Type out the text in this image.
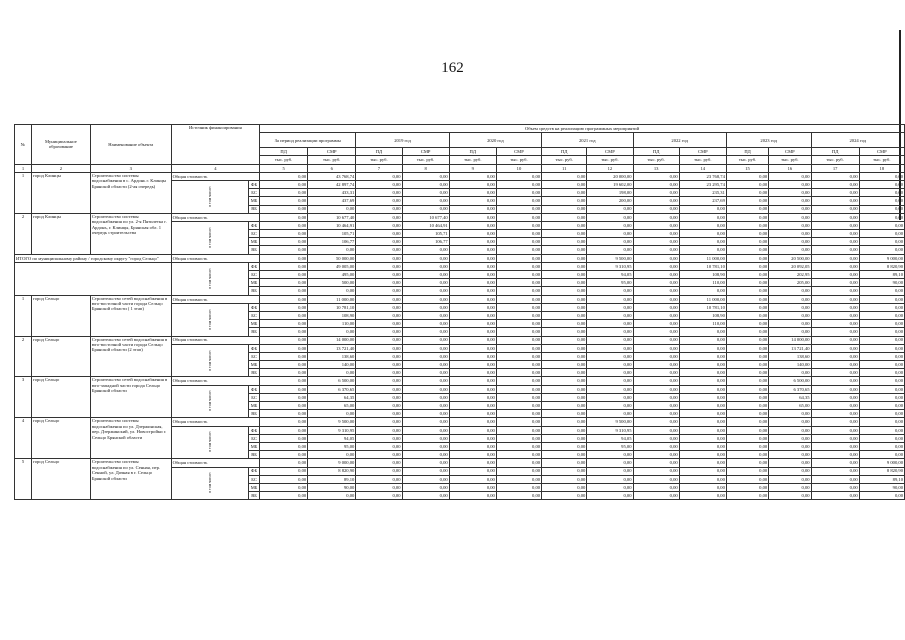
162
№	Муниципальное образование	Наименование объекта	Источник финансирования		Объем средств на реализацию программных мероприятий													
					За период реализации программы		2019 год		2020 год		2021 год		2022 год		2023 год		2024 год	
					ПД	СМР	ПД	СМР	ПД	СМР	ПД	СМР	ПД	СМР	ПД	СМР	ПД	СМР
					тыс. руб.	тыс. руб.	тыс. руб.	тыс. руб.	тыс. руб.	тыс. руб.	тыс. руб.	тыс. руб.	тыс. руб.	тыс. руб.	тыс. руб.	тыс. руб.	тыс. руб.	тыс. руб.
1	2	3	4		5	6	7	8	9	10	11	12	13	14	15	16	17	18
1	город Клинцы	Строительство системы водоснабжения в с. Ардонь г. Клинцы Брянской области (2-ая очередь)	Общая стоимость		0,00	43 768,74	0,00	0,00	0,00	0,00	0,00	20 000,00	0,00	23 768,74	0,00	0,00	0,00	0,00
			в том числе:	ФБ	0,00	42 897,74	0,00	0,00	0,00	0,00	0,00	19 602,00	0,00	23 295,74	0,00	0,00	0,00	0,00
				БС	0,00	433,31	0,00	0,00	0,00	0,00	0,00	198,00	0,00	235,31	0,00	0,00	0,00	0,00
				МБ	0,00	437,69	0,00	0,00	0,00	0,00	0,00	200,00	0,00	237,69	0,00	0,00	0,00	0,00
				ВБ	0,00	0,00	0,00	0,00	0,00	0,00	0,00	0,00	0,00	0,00	0,00	0,00	0,00	0,00
2	город Клинцы	Строительство системы водоснабжения по ул. 2-я Пятилетка г. Ардонь, г. Клинцы, Брянская обл. 1 очередь строительства	Общая стоимость		0,00	10 677,40	0,00	10 677,40	0,00	0,00	0,00	0,00	0,00	0,00	0,00	0,00	0,00	0,00
			в том числе:	ФБ	0,00	10 464,91	0,00	10 464,91	0,00	0,00	0,00	0,00	0,00	0,00	0,00	0,00	0,00	0,00
				БС	0,00	105,71	0,00	105,71	0,00	0,00	0,00	0,00	0,00	0,00	0,00	0,00	0,00	0,00
				МБ	0,00	106,77	0,00	106,77	0,00	0,00	0,00	0,00	0,00	0,00	0,00	0,00	0,00	0,00
				ВБ	0,00	0,00	0,00	0,00	0,00	0,00	0,00	0,00	0,00	0,00	0,00	0,00	0,00	0,00
ИТОГО по муниципальному району / городскому округу "город Сельцо"			Общая стоимость		0,00	50 000,00	0,00	0,00	0,00	0,00	0,00	9 500,00	0,00	11 000,00	0,00	20 500,00	0,00	9 000,00
			в том числе:	ФБ	0,00	49 005,00	0,00	0,00	0,00	0,00	0,00	9 310,95	0,00	10 781,10	0,00	20 092,05	0,00	8 820,90
				БС	0,00	495,00	0,00	0,00	0,00	0,00	0,00	94,05	0,00	108,90	0,00	202,95	0,00	89,10
				МБ	0,00	500,00	0,00	0,00	0,00	0,00	0,00	95,00	0,00	110,00	0,00	205,00	0,00	90,00
				ВБ	0,00	0,00	0,00	0,00	0,00	0,00	0,00	0,00	0,00	0,00	0,00	0,00	0,00	0,00
1	город Сельцо	Строительство сетей водоснабжения в юго-восточной части города Сельцо Брянской области ( 1 этап)	Общая стоимость		0,00	11 000,00	0,00	0,00	0,00	0,00	0,00	0,00	0,00	11 000,00	0,00	0,00	0,00	0,00
			в том числе:	ФБ	0,00	10 781,10	0,00	0,00	0,00	0,00	0,00	0,00	0,00	10 781,10	0,00	0,00	0,00	0,00
				БС	0,00	108,90	0,00	0,00	0,00	0,00	0,00	0,00	0,00	108,90	0,00	0,00	0,00	0,00
				МБ	0,00	110,00	0,00	0,00	0,00	0,00	0,00	0,00	0,00	110,00	0,00	0,00	0,00	0,00
				ВБ	0,00	0,00	0,00	0,00	0,00	0,00	0,00	0,00	0,00	0,00	0,00	0,00	0,00	0,00
2	город Сельцо	Строительство сетей водоснабжения в юго-восточной части города Сельцо Брянской области (2 этап)	Общая стоимость		0,00	14 000,00	0,00	0,00	0,00	0,00	0,00	0,00	0,00	0,00	0,00	14 000,00	0,00	0,00
			в том числе:	ФБ	0,00	13 721,40	0,00	0,00	0,00	0,00	0,00	0,00	0,00	0,00	0,00	13 721,40	0,00	0,00
				БС	0,00	138,60	0,00	0,00	0,00	0,00	0,00	0,00	0,00	0,00	0,00	138,60	0,00	0,00
				МБ	0,00	140,00	0,00	0,00	0,00	0,00	0,00	0,00	0,00	0,00	0,00	140,00	0,00	0,00
				ВБ	0,00	0,00	0,00	0,00	0,00	0,00	0,00	0,00	0,00	0,00	0,00	0,00	0,00	0,00
3	город Сельцо	Строительство сетей водоснабжения в юго-западной части города Сельцо Брянской области	Общая стоимость		0,00	6 500,00	0,00	0,00	0,00	0,00	0,00	0,00	0,00	0,00	0,00	6 500,00	0,00	0,00
			в том числе:	ФБ	0,00	6 370,65	0,00	0,00	0,00	0,00	0,00	0,00	0,00	0,00	0,00	6 370,65	0,00	0,00
				БС	0,00	64,35	0,00	0,00	0,00	0,00	0,00	0,00	0,00	0,00	0,00	64,35	0,00	0,00
				МБ	0,00	65,00	0,00	0,00	0,00	0,00	0,00	0,00	0,00	0,00	0,00	65,00	0,00	0,00
				ВБ	0,00	0,00	0,00	0,00	0,00	0,00	0,00	0,00	0,00	0,00	0,00	0,00	0,00	0,00
4	город Сельцо	Строительство системы водоснабжения по ул. Дзержинская, пер. Дзержинский, ул. Новостройки г. Сельцо Брянской области	Общая стоимость		0,00	9 500,00	0,00	0,00	0,00	0,00	0,00	9 500,00	0,00	0,00	0,00	0,00	0,00	0,00
			в том числе:	ФБ	0,00	9 310,95	0,00	0,00	0,00	0,00	0,00	9 310,95	0,00	0,00	0,00	0,00	0,00	0,00
				БС	0,00	94,05	0,00	0,00	0,00	0,00	0,00	94,05	0,00	0,00	0,00	0,00	0,00	0,00
				МБ	0,00	95,00	0,00	0,00	0,00	0,00	0,00	95,00	0,00	0,00	0,00	0,00	0,00	0,00
				ВБ	0,00	0,00	0,00	0,00	0,00	0,00	0,00	0,00	0,00	0,00	0,00	0,00	0,00	0,00
5	город Сельцо	Строительство системы водоснабжения по ул. Сенная, пер. Сенной, ул. Дачная в г. Сельцо Брянской области	Общая стоимость		0,00	9 000,00	0,00	0,00	0,00	0,00	0,00	0,00	0,00	0,00	0,00	0,00	0,00	9 000,00
			в том числе:	ФБ	0,00	8 820,90	0,00	0,00	0,00	0,00	0,00	0,00	0,00	0,00	0,00	0,00	0,00	8 820,90
				БС	0,00	89,10	0,00	0,00	0,00	0,00	0,00	0,00	0,00	0,00	0,00	0,00	0,00	89,10
				МБ	0,00	90,00	0,00	0,00	0,00	0,00	0,00	0,00	0,00	0,00	0,00	0,00	0,00	90,00
				ВБ	0,00	0,00	0,00	0,00	0,00	0,00	0,00	0,00	0,00	0,00	0,00	0,00	0,00	0,00
